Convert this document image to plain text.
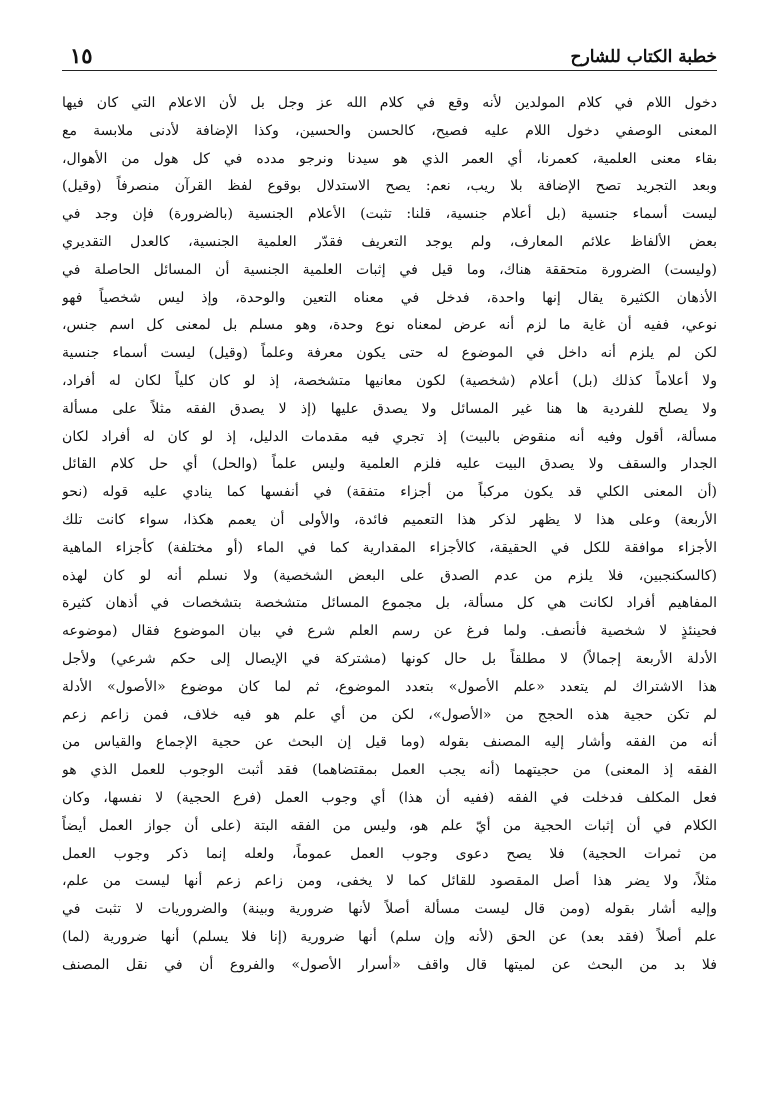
خطبة الكتاب للشارح
١٥
دخول اللام في كلام المولدين لأنه وقع في كلام الله عز وجل بل لأن الاعلام التي كان فيها
المعنى الوصفي دخول اللام عليه فصيح، كالحسن والحسين، وكذا الإضافة لأدنى ملابسة مع
بقاء معنى العلمية، كعمرنا، أي العمر الذي هو سيدنا ونرجو مدده في كل هول من الأهوال،
وبعد التجريد تصح الإضافة بلا ريب، نعم: يصح الاستدلال بوقوع لفظ القرآن منصرفاً (وقيل)
ليست أسماء جنسية (بل أعلام جنسية، قلنا: تثبت) الأعلام الجنسية (بالضرورة) فإن وجد في
بعض الألفاظ علائم المعارف، ولم يوجد التعريف فقدّر العلمية الجنسية، كالعدل التقديري
(وليست) الضرورة متحققة هناك، وما قيل في إثبات العلمية الجنسية أن المسائل الحاصلة في
الأذهان الكثيرة يقال إنها واحدة، فدخل في معناه التعين والوحدة، وإذ ليس شخصياً فهو
نوعي، ففيه أن غاية ما لزم أنه عرض لمعناه نوع وحدة، وهو مسلم بل لمعنى كل اسم جنس،
لكن لم يلزم أنه داخل في الموضوع له حتى يكون معرفة وعلماً (وقيل) ليست أسماء جنسية
ولا أعلاماً كذلك (بل) أعلام (شخصية) لكون معانيها متشخصة، إذ لو كان كلياً لكان له أفراد،
ولا يصلح للفردية ها هنا غير المسائل ولا يصدق عليها (إذ لا يصدق الفقه مثلاً على مسألة
مسألة، أقول وفيه أنه منقوض بالبيت) إذ تجري فيه مقدمات الدليل، إذ لو كان له أفراد لكان
الجدار والسقف ولا يصدق البيت عليه فلزم العلمية وليس علماً (والحل) أي حل كلام القائل
(أن المعنى الكلي قد يكون مركباً من أجزاء متفقة) في أنفسها كما ينادي عليه قوله (نحو
الأربعة) وعلى هذا لا يظهر لذكر هذا التعميم فائدة، والأولى أن يعمم هكذا، سواء كانت تلك
الأجزاء موافقة للكل في الحقيقة، كالأجزاء المقدارية كما في الماء (أو مختلفة) كأجزاء الماهية
(كالسكنجبين، فلا يلزم من عدم الصدق على البعض الشخصية) ولا نسلم أنه لو كان لهذه
المفاهيم أفراد لكانت هي كل مسألة، بل مجموع المسائل متشخصة بتشخصات في أذهان كثيرة
فحينئذٍ لا شخصية فأنصف. ولما فرغ عن رسم العلم شرع في بيان الموضوع فقال (موضوعه
الأدلة الأربعة إجمالاً) لا مطلقاً بل حال كونها (مشتركة في الإيصال إلى حكم شرعي) ولأجل
هذا الاشتراك لم يتعدد «علم الأصول» بتعدد الموضوع، ثم لما كان موضوع «الأصول» الأدلة
لم تكن حجية هذه الحجج من «الأصول»، لكن من أي علم هو فيه خلاف، فمن زاعم زعم
أنه من الفقه وأشار إليه المصنف بقوله (وما قيل إن البحث عن حجية الإجماع والقياس من
الفقه إذ المعنى) من حجيتهما (أنه يجب العمل بمقتضاهما) فقد أثبت الوجوب للعمل الذي هو
فعل المكلف فدخلت في الفقه (ففيه أن هذا) أي وجوب العمل (فرع الحجية) لا نفسها، وكان
الكلام في أن إثبات الحجية من أيّ علم هو، وليس من الفقه البتة (على أن جواز العمل أيضاً
من ثمرات الحجية) فلا يصح دعوى وجوب العمل عموماً، ولعله إنما ذكر وجوب العمل
مثلاً، ولا يضر هذا أصل المقصود للقائل كما لا يخفى، ومن زاعم زعم أنها ليست من علم،
وإليه أشار بقوله (ومن قال ليست مسألة أصلاً لأنها ضرورية وبينة) والضروريات لا تثبت في
علم أصلاً (فقد بعد) عن الحق (لأنه وإن سلم) أنها ضرورية (إنا فلا يسلم) أنها ضرورية (لما)
فلا بد من البحث عن لميتها قال واقف «أسرار الأصول» والفروع أن في نقل المصنف
